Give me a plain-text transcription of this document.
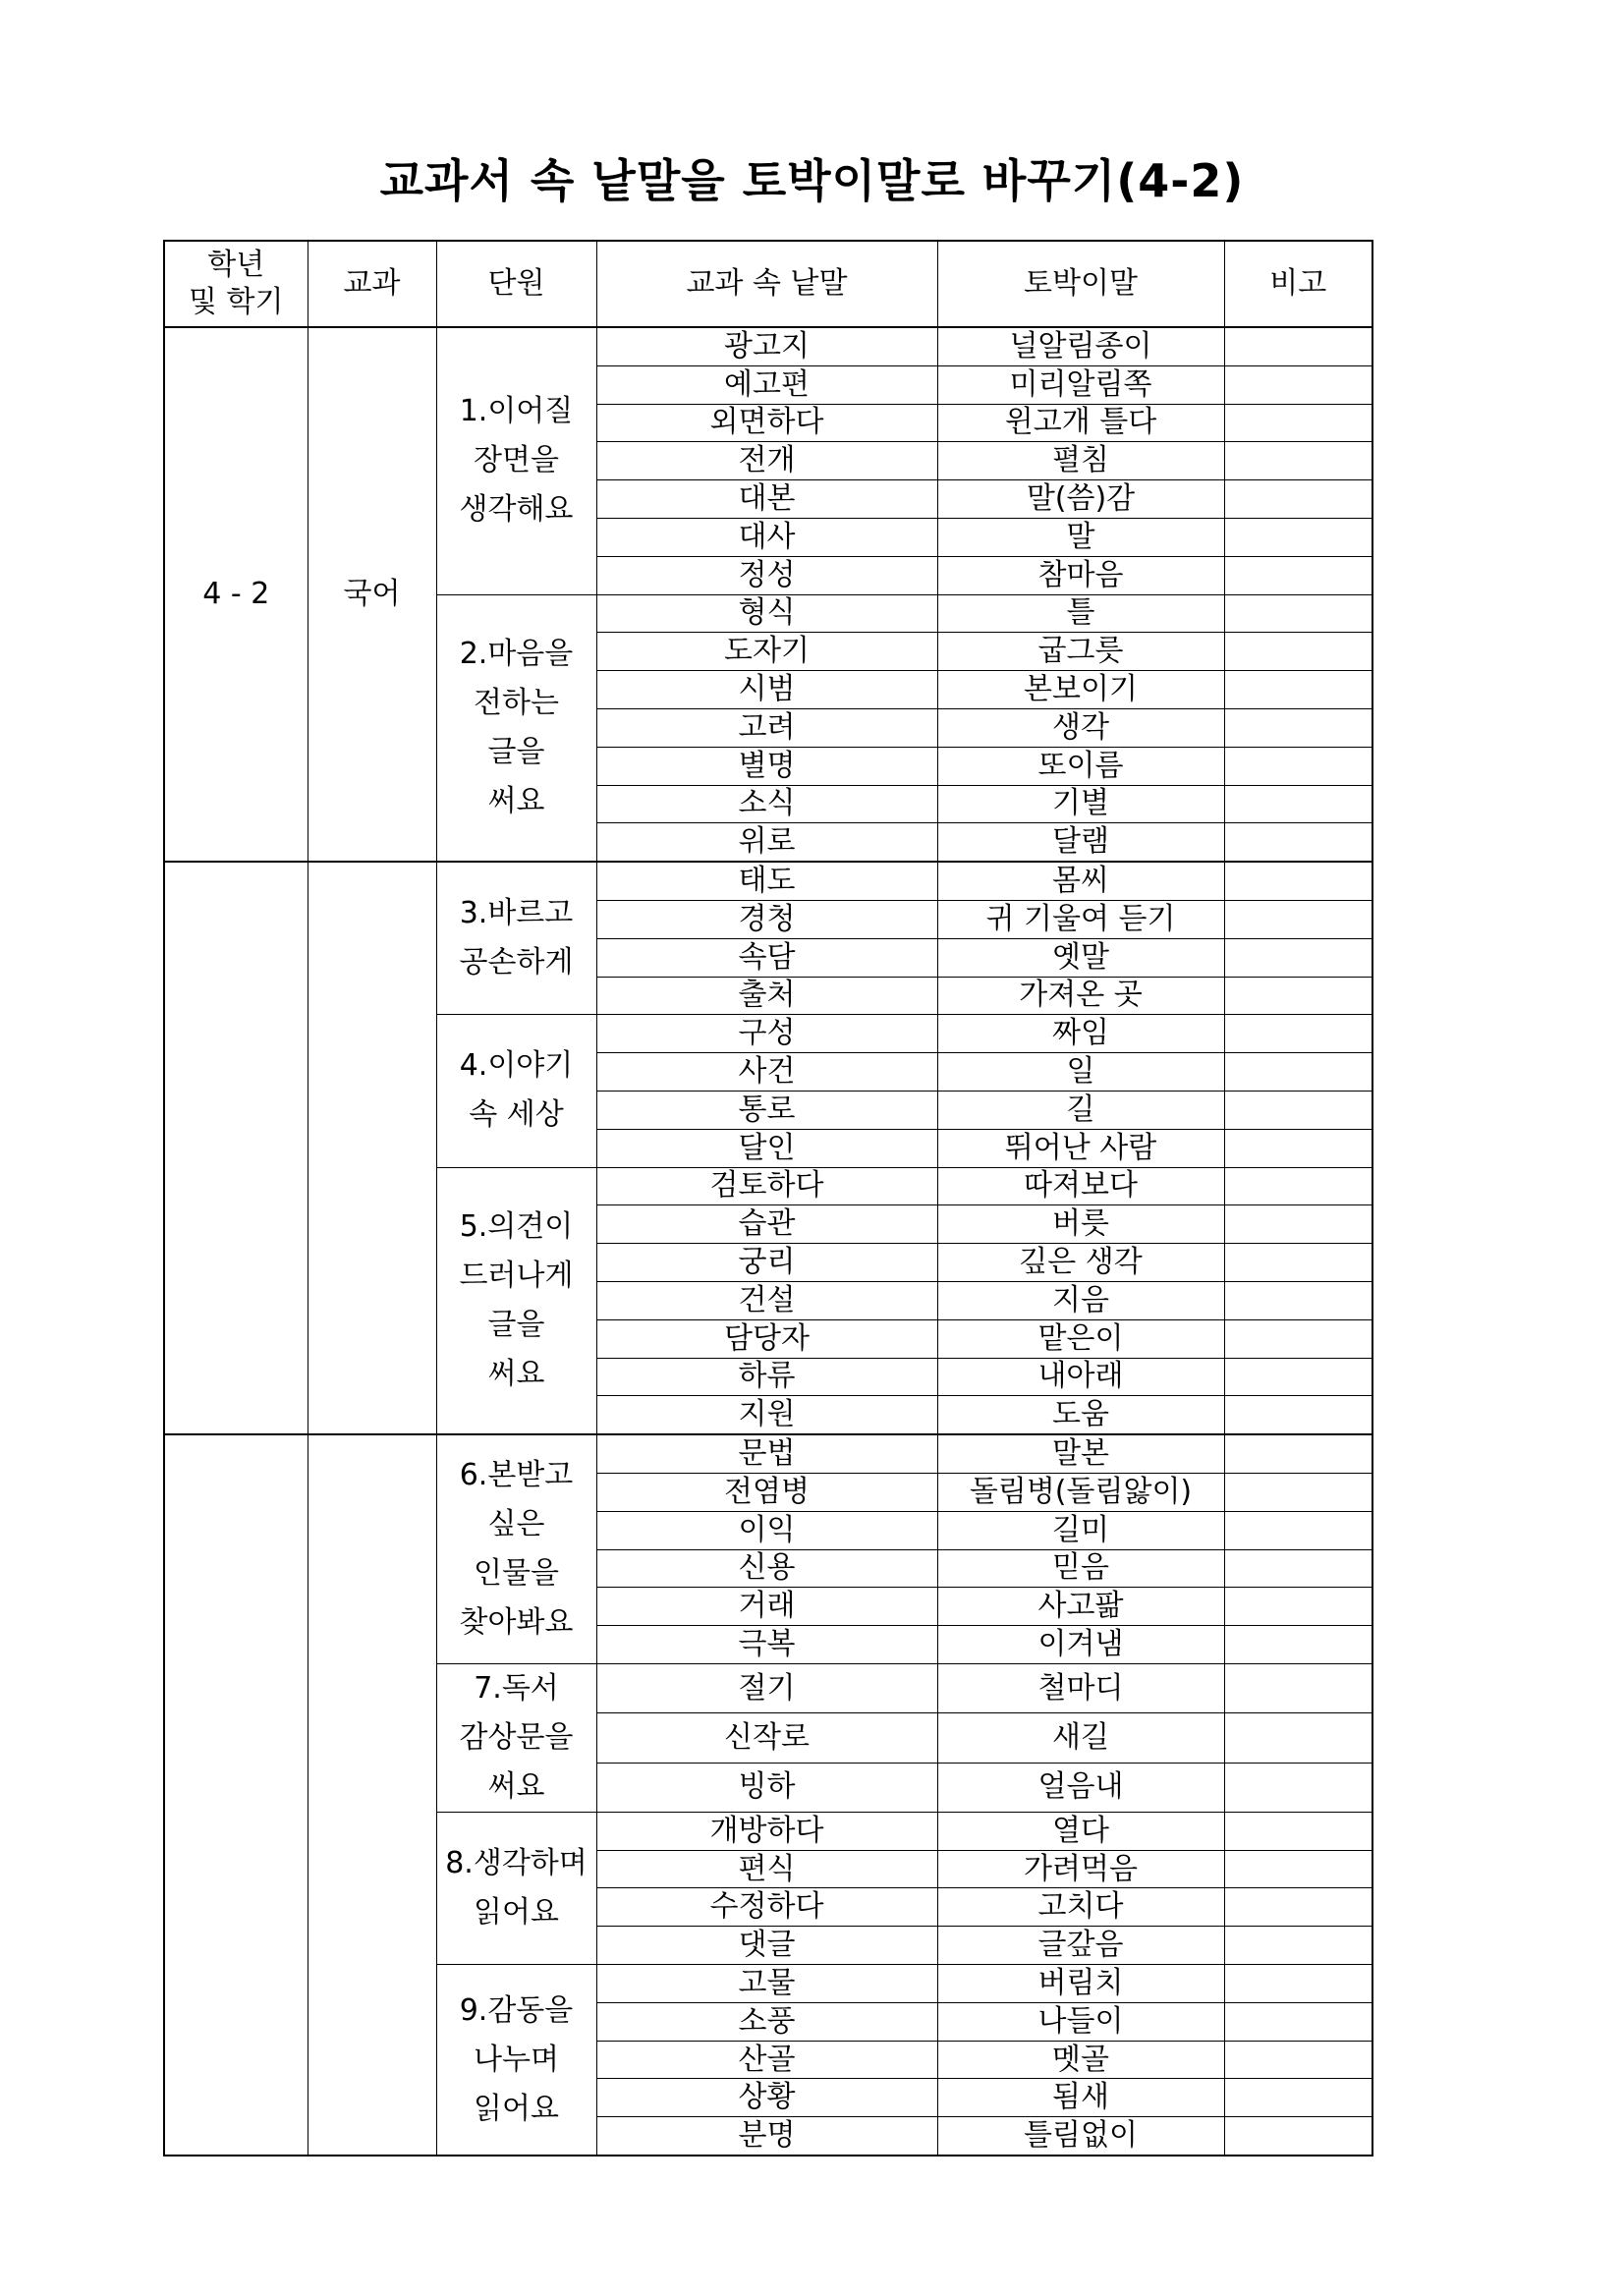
교과서 속 낱말을 토박이말로 바꾸기(4-2)
학년
및 학기	교과	단원	교과 속 낱말	토박이말	비고
4 - 2	국어	1.이어질
장면을
생각해요	광고지	널알림종이	
			예고편	미리알림쪽	
			외면하다	윈고개 틀다	
			전개	펼침	
			대본	말(씀)감	
			대사	말	
			정성	참마음	

		2.마음을
전하는
글을
써요	형식	틀	
			도자기	굽그릇	
			시범	본보이기	
			고려	생각	
			별명	또이름	
			소식	기별	
			위로	달램	

		3.바르고
공손하게	태도	몸씨	
			경청	귀 기울여 듣기	
			속담	옛말	
			출처	가져온 곳	

		4.이야기
속 세상	구성	짜임	
			사건	일	
			통로	길	
			달인	뛰어난 사람	

		5.의견이
드러나게
글을
써요	검토하다	따져보다	
			습관	버릇	
			궁리	깊은 생각	
			건설	지음	
			담당자	맡은이	
			하류	내아래	
			지원	도움	

		6.본받고
싶은
인물을
찾아봐요	문법	말본	
			전염병	돌림병(돌림앓이)	
			이익	길미	
			신용	믿음	
			거래	사고팖	
			극복	이겨냄	

		7.독서
감상문을
써요	절기	철마디	
			신작로	새길	
			빙하	얼음내	

		8.생각하며
읽어요	개방하다	열다	
			편식	가려먹음	
			수정하다	고치다	
			댓글	글갚음	

		9.감동을
나누며
읽어요	고물	버림치	
			소풍	나들이	
			산골	멧골	
			상황	됨새	
			분명	틀림없이	
